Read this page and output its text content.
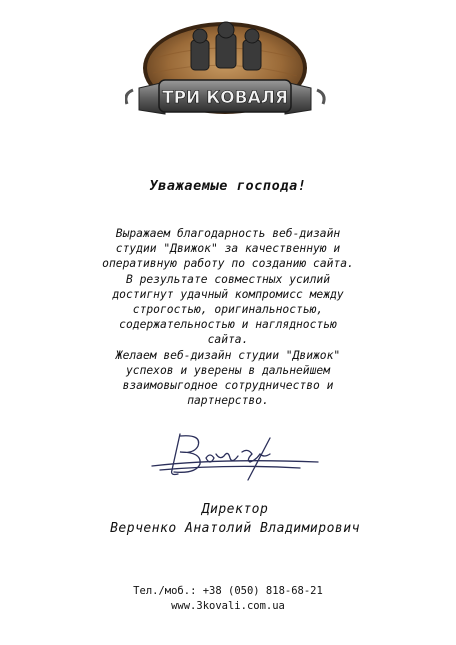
ТРИ КОВАЛЯ
Уважаемые господа!

Выражаем благодарность веб-дизайн

студии "Движок" за качественную и

оперативную работу по созданию сайта.

В результате совместных усилий

достигнут удачный компромисс между

строгостью, оригинальностью,

содержательностью и наглядностью

сайта.

Желаем веб-дизайн студии "Движок"

успехов и уверены в дальнейшем

взаимовыгодное сотрудничество и

партнерство.

Директор
Верченко Анатолий Владимирович
Тел./моб.: +38 (050) 818-68-21
www.3kovali.com.ua
